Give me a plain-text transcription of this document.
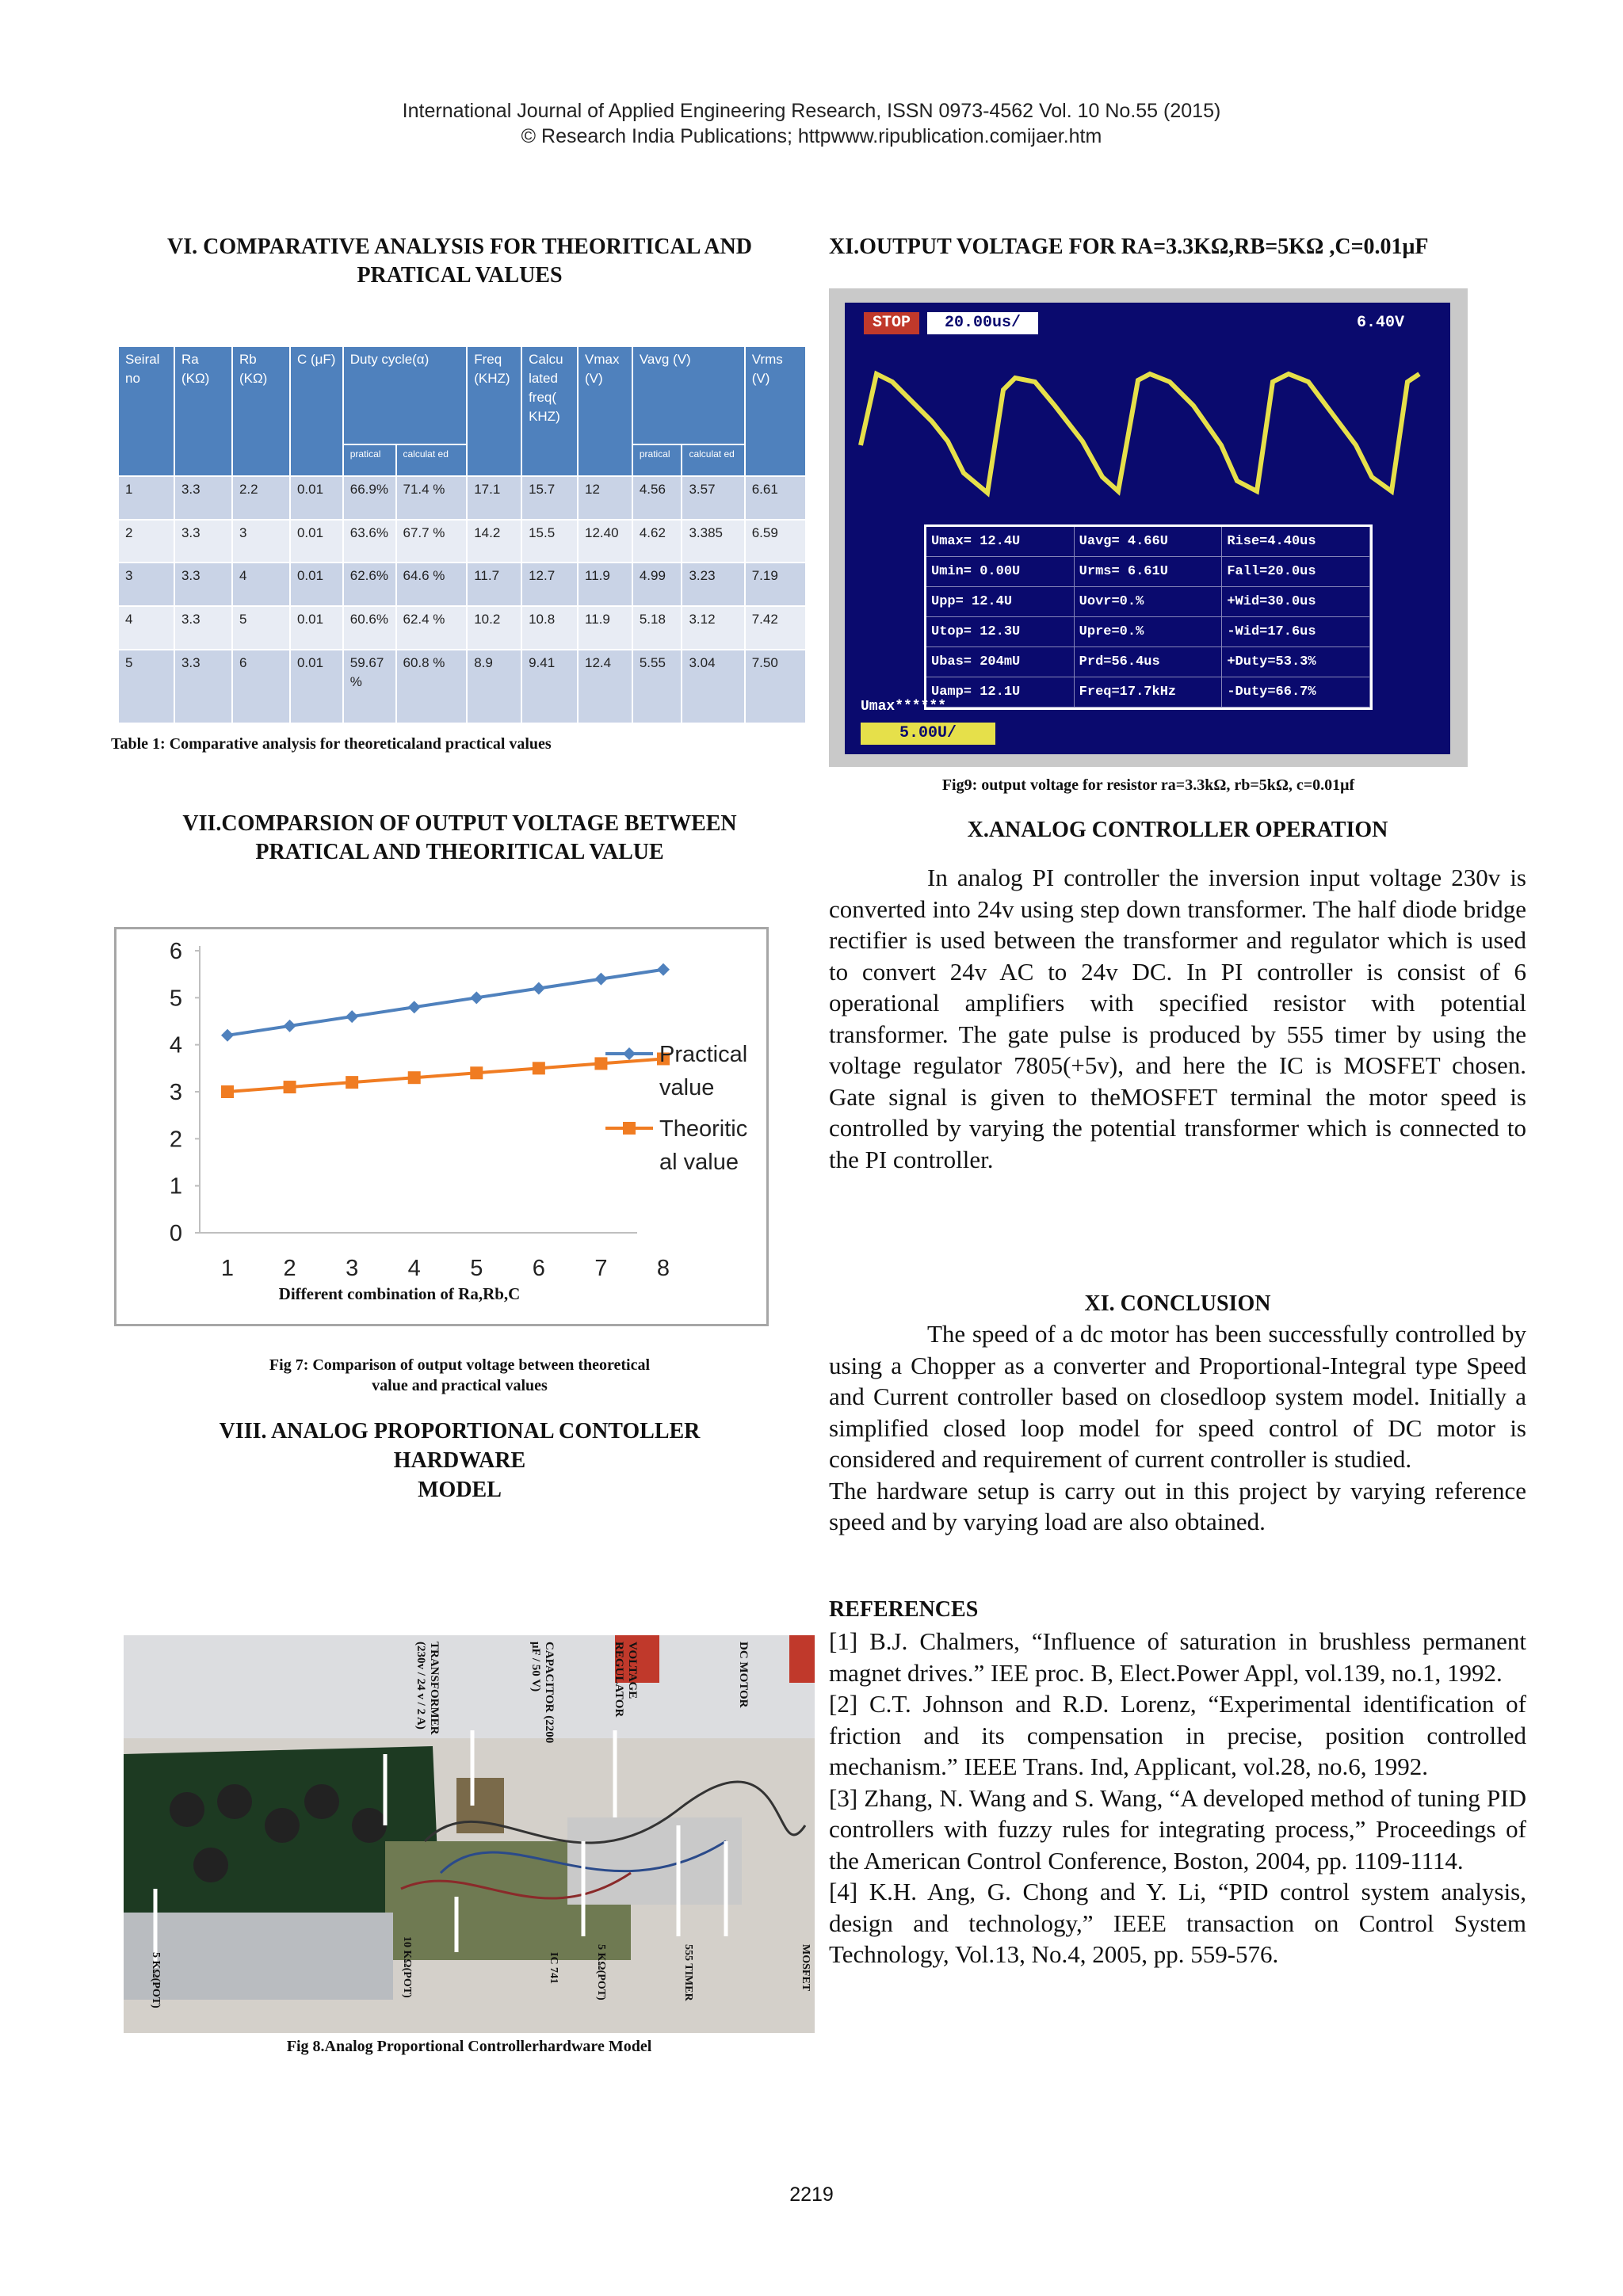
International Journal of Applied Engineering Research, ISSN 0973-4562 Vol. 10 No.55 (2015)
© Research India Publications; httpwww.ripublication.comijaer.htm
VI. COMPARATIVE ANALYSIS FOR THEORITICAL AND
PRATICAL VALUES
Seiral no	Ra (KΩ)	Rb (KΩ)	C (μF)	Duty cycle(α)		Freq (KHZ)	Calcu lated freq( KHZ)	Vmax (V)	Vavg (V)		Vrms (V)
				pratical	calculat ed				pratical	calculat ed	
1	3.3	2.2	0.01	66.9%	71.4 %	17.1	15.7	12	4.56	3.57	6.61
2	3.3	3	0.01	63.6%	67.7 %	14.2	15.5	12.40	4.62	3.385	6.59
3	3.3	4	0.01	62.6%	64.6 %	11.7	12.7	11.9	4.99	3.23	7.19
4	3.3	5	0.01	60.6%	62.4 %	10.2	10.8	11.9	5.18	3.12	7.42
5	3.3	6	0.01	59.67 %	60.8 %	8.9	9.41	12.4	5.55	3.04	7.50
Table 1: Comparative analysis for theoreticaland practical values
VII.COMPARSION OF OUTPUT VOLTAGE BETWEEN
PRATICAL AND THEORITICAL VALUE
0
1
2
3
4
5
6
1 2 3 4 5 6 7 8
Practical
value
Theoritic
al value
Different combination of Ra,Rb,C
Fig 7: Comparison of output voltage between theoretical
value and practical values
VIII. ANALOG PROPORTIONAL CONTOLLER
HARDWARE
MODEL
TRANSFORMER (230v / 24 v / 2 A)	CAPACITOR (2200 μF / 50 V)	VOLTAGE REGULATOR	DC MOTOR
5 KΩ(POT)	10 KΩ(POT)	IC 741	5 KΩ(POT)	555 TIMER	MOSFET
Fig 8.Analog Proportional Controllerhardware Model
XI.OUTPUT VOLTAGE FOR RA=3.3KΩ,RB=5KΩ ,C=0.01μF
STOP	20.00us/	6.40V
Umax= 12.4U	Uavg= 4.66U	Rise=4.40us
Umin= 0.00U	Urms= 6.61U	Fall=20.0us
Upp= 12.4U	Uovr=0.%	+Wid=30.0us
Utop= 12.3U	Upre=0.%	-Wid=17.6us
Ubas= 204mU	Prd=56.4us	+Duty=53.3%
Uamp= 12.1U	Freq=17.7kHz	-Duty=66.7%
Umax******
5.00U/
Fig9: output voltage for resistor ra=3.3kΩ, rb=5kΩ, c=0.01μf
X.ANALOG CONTROLLER OPERATION

In analog PI controller the inversion input voltage 230v is converted into 24v using step down transformer. The half diode bridge rectifier is used between the transformer and regulator which is used to convert 24v AC to 24v DC. In PI controller is consist of 6 operational amplifiers with specified resistor with potential transformer. The gate pulse is produced by 555 timer by using the voltage regulator 7805(+5v), and here the IC is MOSFET chosen. Gate signal is given to theMOSFET terminal the motor speed is controlled by varying the potential transformer which is connected to the PI controller.

XI. CONCLUSION

The speed of a dc motor has been successfully controlled by using a Chopper as a converter and Proportional-Integral type Speed and Current controller based on closedloop system model. Initially a simplified closed loop model for speed control of DC motor is considered and requirement of current controller is studied.

The hardware setup is carry out in this project by varying reference speed and by varying load are also obtained.

REFERENCES
[1] B.J. Chalmers, “Influence of saturation in brushless permanent magnet drives.” IEE proc. B, Elect.Power Appl, vol.139, no.1, 1992.
[2] C.T. Johnson and R.D. Lorenz, “Experimental identification of friction and its compensation in precise, position controlled mechanism.” IEEE Trans. Ind, Applicant, vol.28, no.6, 1992.
[3] Zhang, N. Wang and S. Wang, “A developed method of tuning PID controllers with fuzzy rules for integrating process,” Proceedings of the American Control Conference, Boston, 2004, pp. 1109-1114.
[4] K.H. Ang, G. Chong and Y. Li, “PID control system analysis, design and technology,” IEEE transaction on Control System Technology, Vol.13, No.4, 2005, pp. 559-576.
2219
